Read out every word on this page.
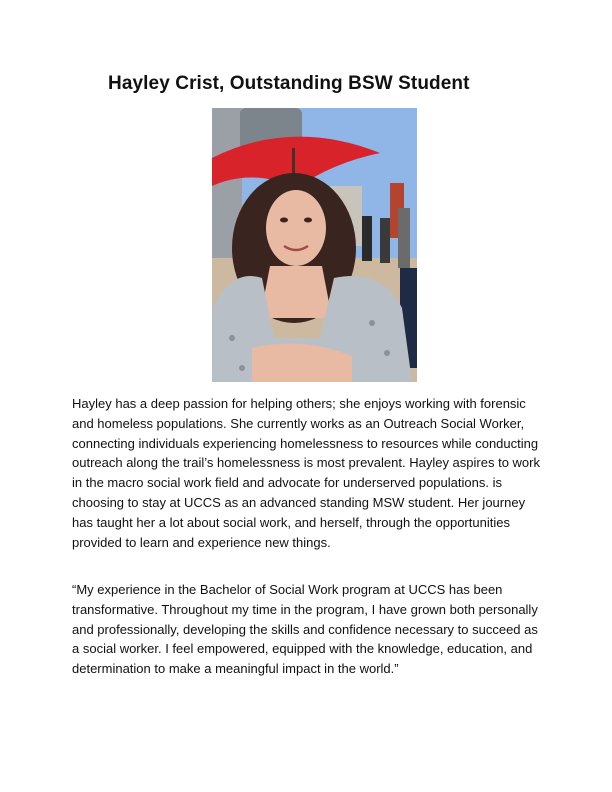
Hayley Crist, Outstanding BSW Student

Hayley has a deep passion for helping others; she enjoys working with forensic and homeless populations. She currently works as an Outreach Social Worker, connecting individuals experiencing homelessness to resources while conducting outreach along the trail’s homelessness is most prevalent. Hayley aspires to work in the macro social work field and advocate for underserved populations. is choosing to stay at UCCS as an advanced standing MSW student. Her journey has taught her a lot about social work, and herself, through the opportunities provided to learn and experience new things.

“My experience in the Bachelor of Social Work program at UCCS has been transformative. Throughout my time in the program, I have grown both personally and professionally, developing the skills and confidence necessary to succeed as a social worker. I feel empowered, equipped with the knowledge, education, and determination to make a meaningful impact in the world.”
